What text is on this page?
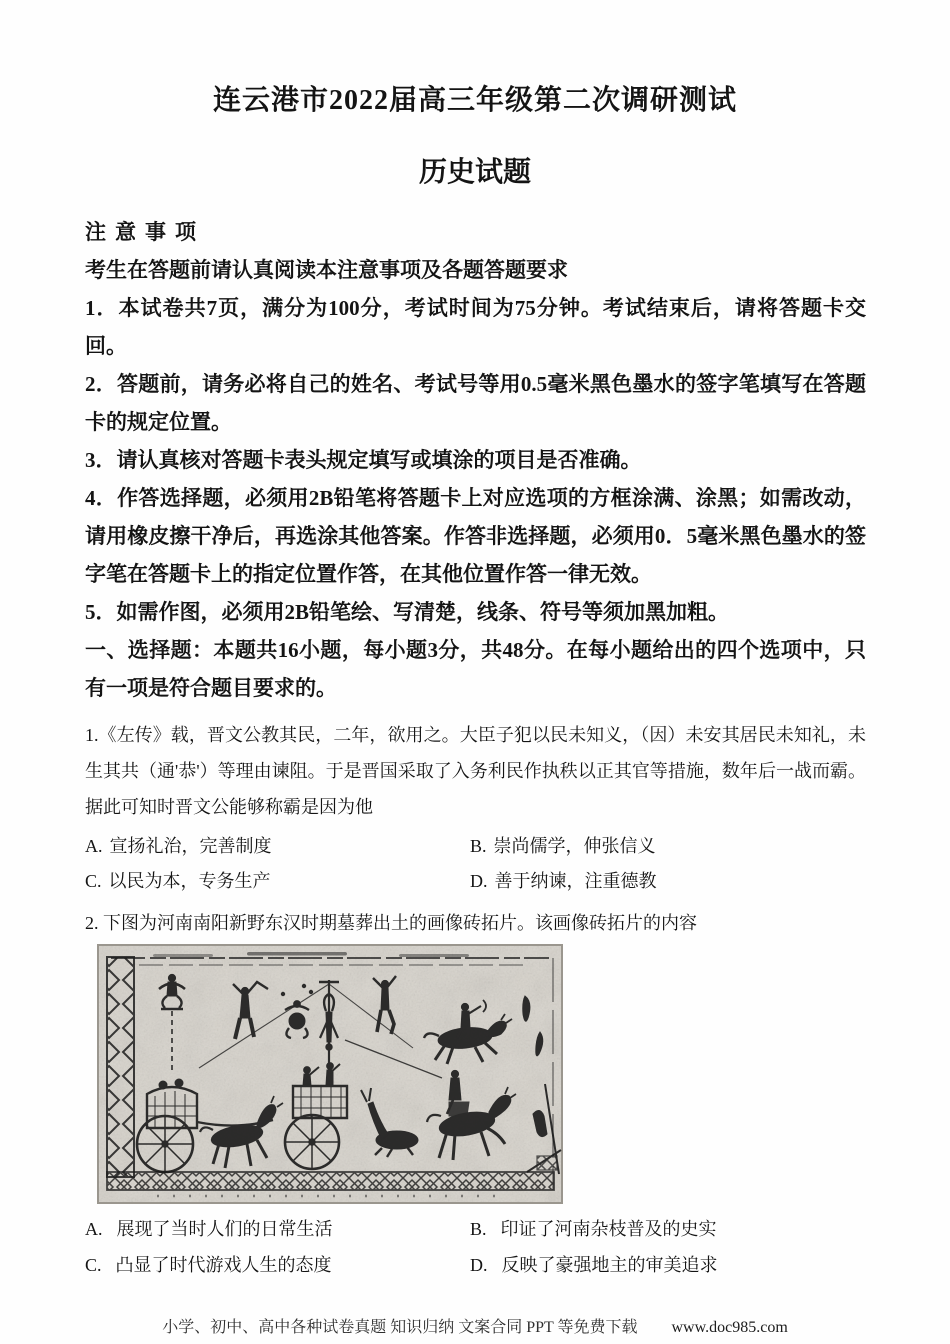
连云港市2022届高三年级第二次调研测试
历史试题

注意事项

考生在答题前请认真阅读本注意事项及各题答题要求

1．本试卷共7页，满分为100分，考试时间为75分钟。考试结束后，请将答题卡交回。

2．答题前，请务必将自己的姓名、考试号等用0.5毫米黑色墨水的签字笔填写在答题卡的规定位置。

3．请认真核对答题卡表头规定填写或填涂的项目是否准确。

4．作答选择题，必须用2B铅笔将答题卡上对应选项的方框涂满、涂黑；如需改动，请用橡皮擦干净后，再选涂其他答案。作答非选择题，必须用0．5毫米黑色墨水的签字笔在答题卡上的指定位置作答，在其他位置作答一律无效。

5．如需作图，必须用2B铅笔绘、写清楚，线条、符号等须加黑加粗。

一、选择题：本题共16小题，每小题3分，共48分。在每小题给出的四个选项中，只有一项是符合题目要求的。

1.《左传》载，晋文公教其民，二年，欲用之。大臣子犯以民未知义，（因）未安其居民未知礼，未生其共（通'恭'）等理由谏阻。于是晋国采取了入务利民作执秩以正其官等措施，数年后一战而霸。据此可知时晋文公能够称霸是因为他

A. 宣扬礼治，完善制度	B. 崇尚儒学，伸张信义
C. 以民为本，专务生产	D. 善于纳谏，注重德教

2. 下图为河南南阳新野东汉时期墓葬出土的画像砖拓片。该画像砖拓片的内容

A. 展现了当时人们的日常生活	B. 印证了河南杂枝普及的史实
C. 凸显了时代游戏人生的态度	D. 反映了豪强地主的审美追求
小学、初中、高中各种试卷真题 知识归纳 文案合同 PPT 等免费下载 www.doc985.com
